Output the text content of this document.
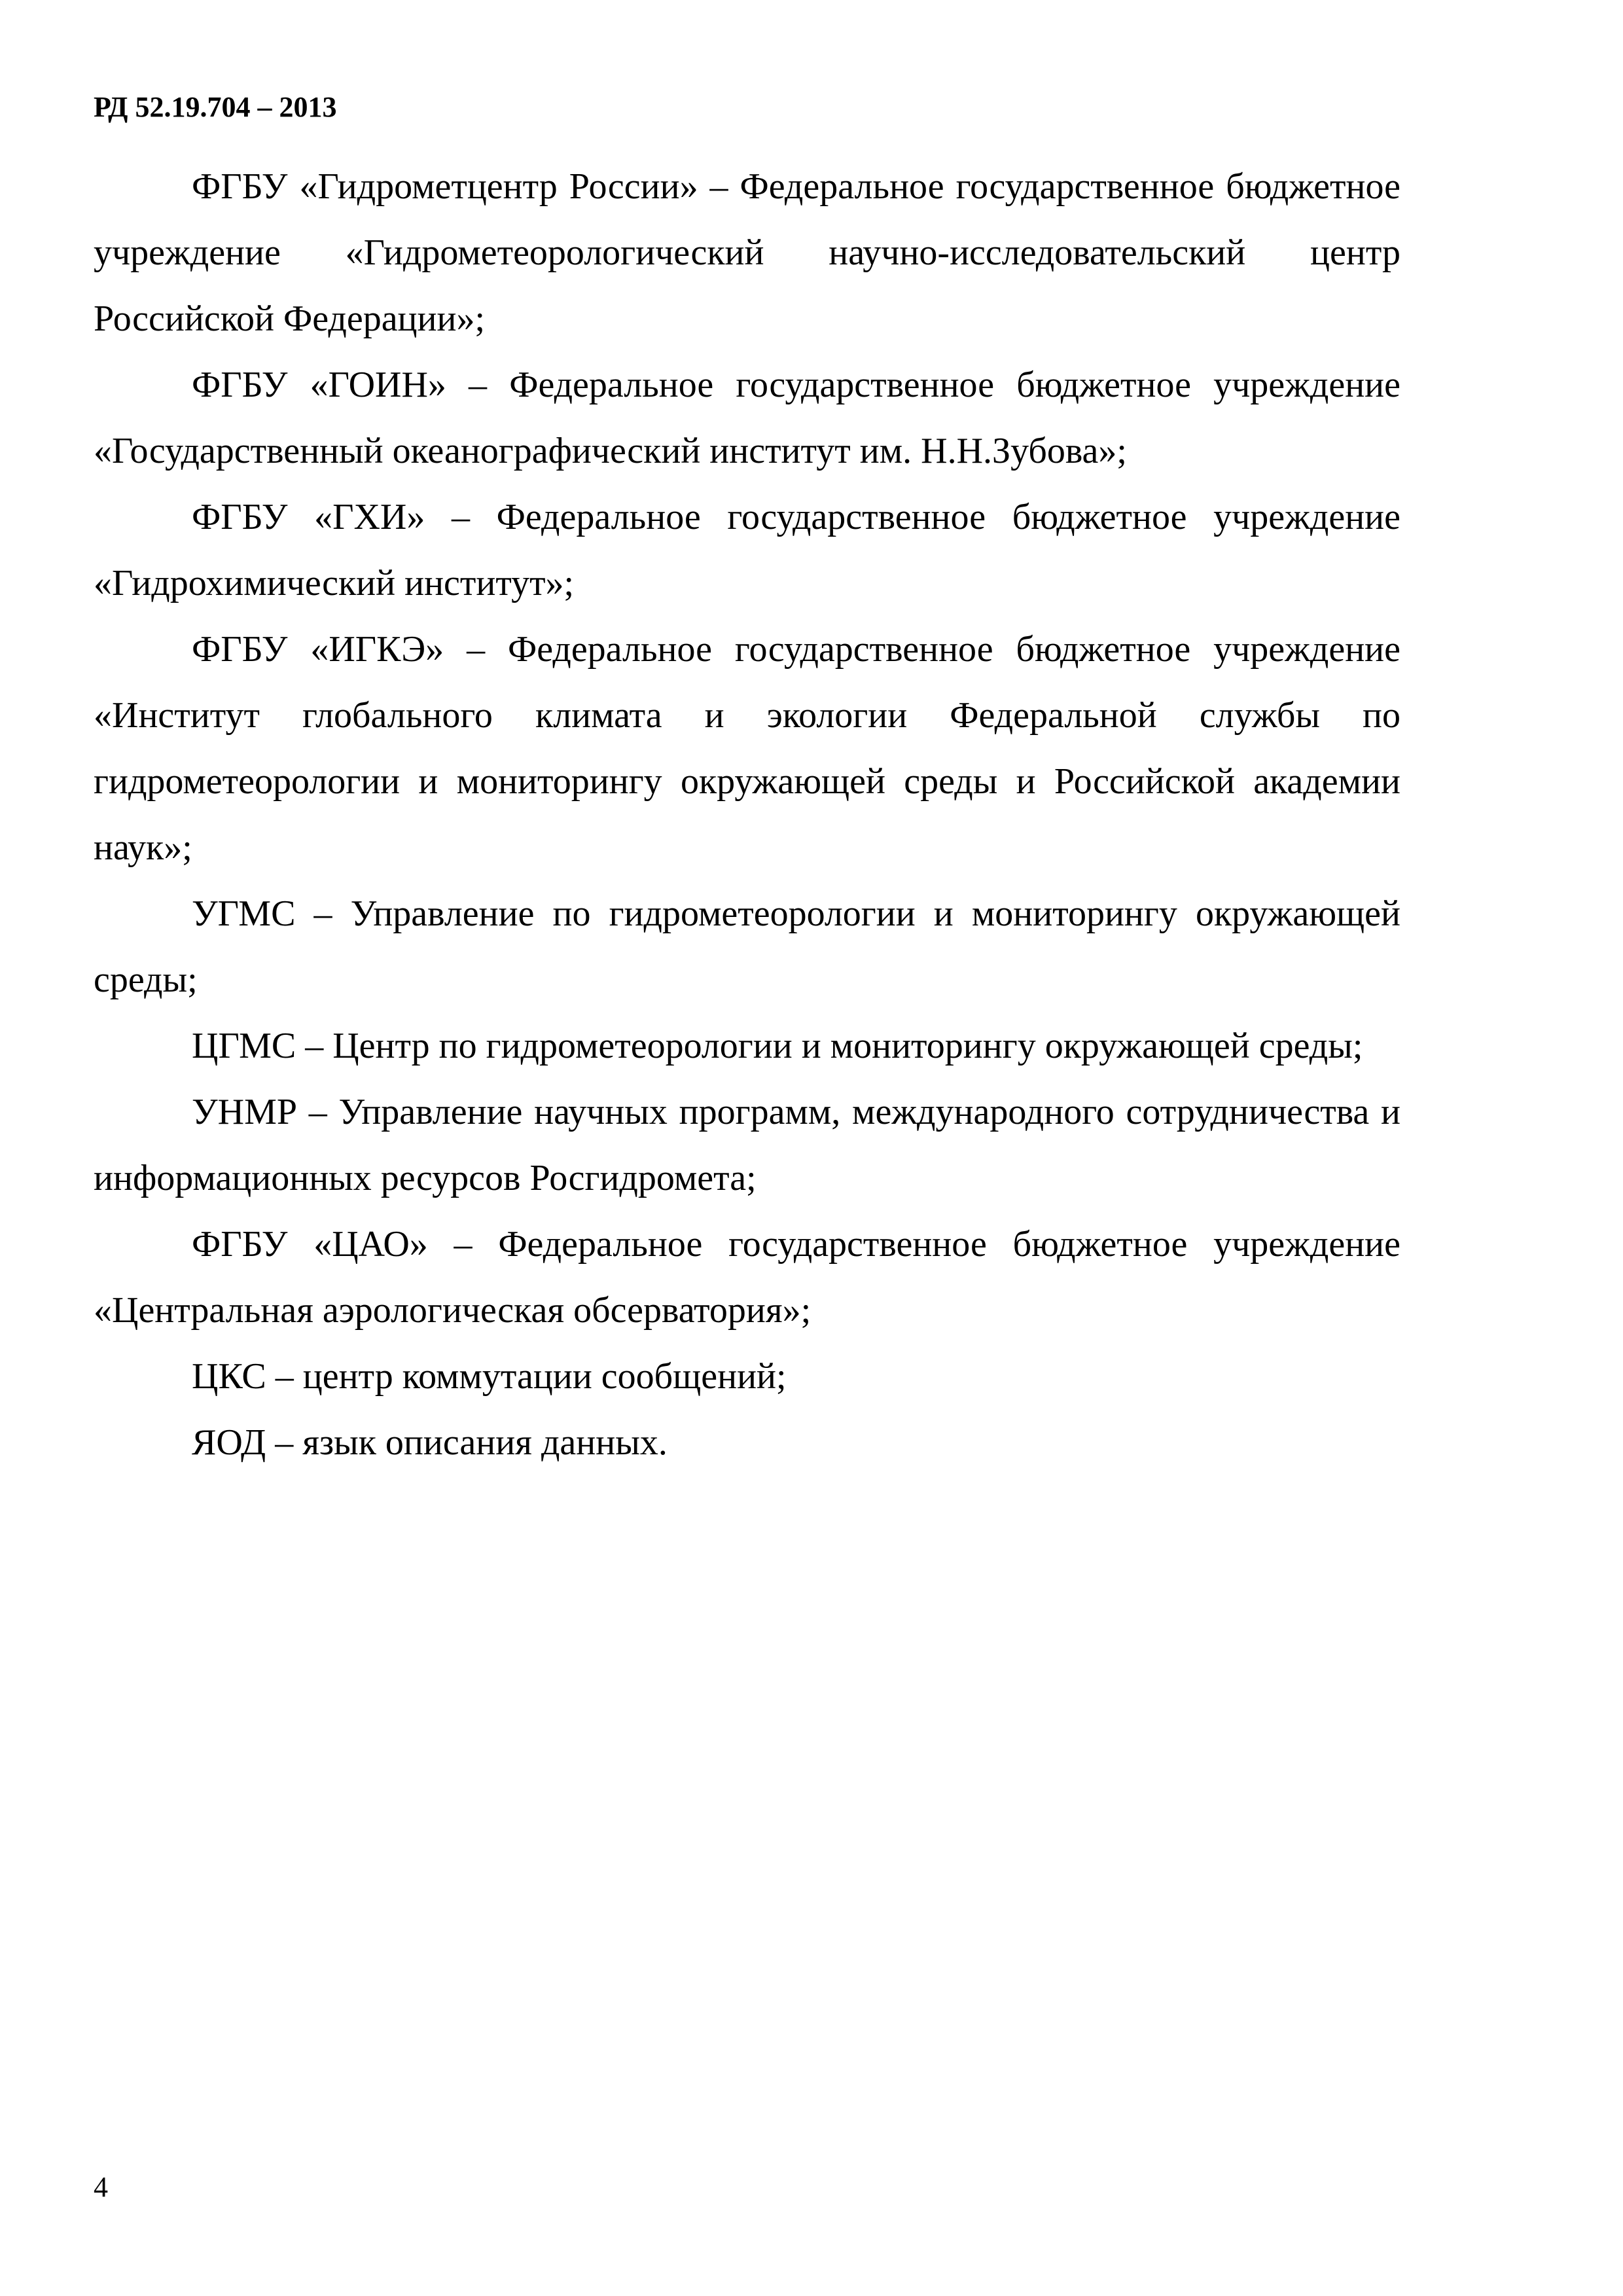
РД 52.19.704 – 2013

ФГБУ «Гидрометцентр России» – Федеральное государственное бюджетное учреждение «Гидрометеорологический научно-исследовательский центр Российской Федерации»;

ФГБУ «ГОИН» – Федеральное государственное бюджетное учреждение «Государственный океанографический институт им. Н.Н.Зубова»;

ФГБУ «ГХИ» – Федеральное государственное бюджетное учреждение «Гидрохимический институт»;

ФГБУ «ИГКЭ» – Федеральное государственное бюджетное учреждение «Институт глобального климата и экологии Федеральной службы по гидрометеорологии и мониторингу окружающей среды и Российской академии наук»;

УГМС – Управление по гидрометеорологии и мониторингу окружающей среды;

ЦГМС – Центр по гидрометеорологии и мониторингу окружающей среды;

УНМР – Управление научных программ, международного сотрудничества и информационных ресурсов Росгидромета;

ФГБУ «ЦАО» – Федеральное государственное бюджетное учреждение «Центральная аэрологическая обсерватория»;

ЦКС – центр коммутации сообщений;

ЯОД – язык описания данных.

4
